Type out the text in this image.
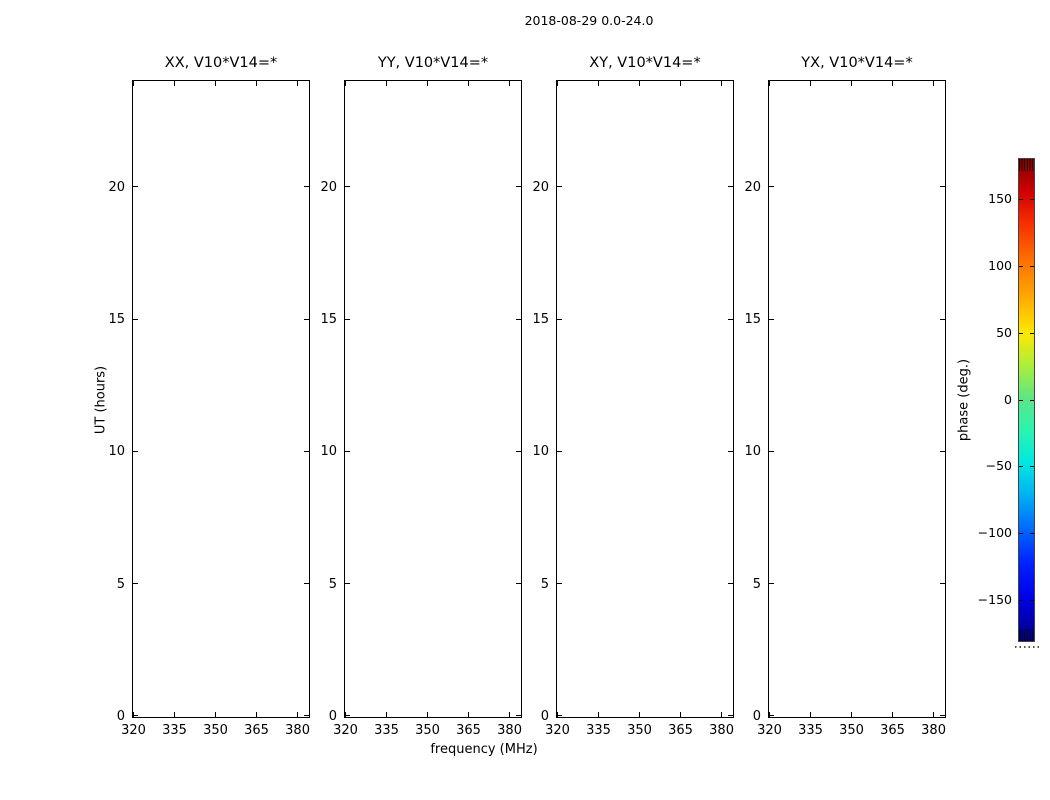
2018-08-29 0.0-24.0
XX, V10*V14=*	YY, V10*V14=*	XY, V10*V14=*	YX, V10*V14=*
frequency (MHz)
UT (hours)	phase (deg.)
320 335 350 365 380
0
5
10
15
20
320 335 350 365 380
0
5
10
15
20
320 335 350 365 380
0
5
10
15
20
320 335 350 365 380
0
5
10
15
20
150
100
50
0
−50
−100
−150
